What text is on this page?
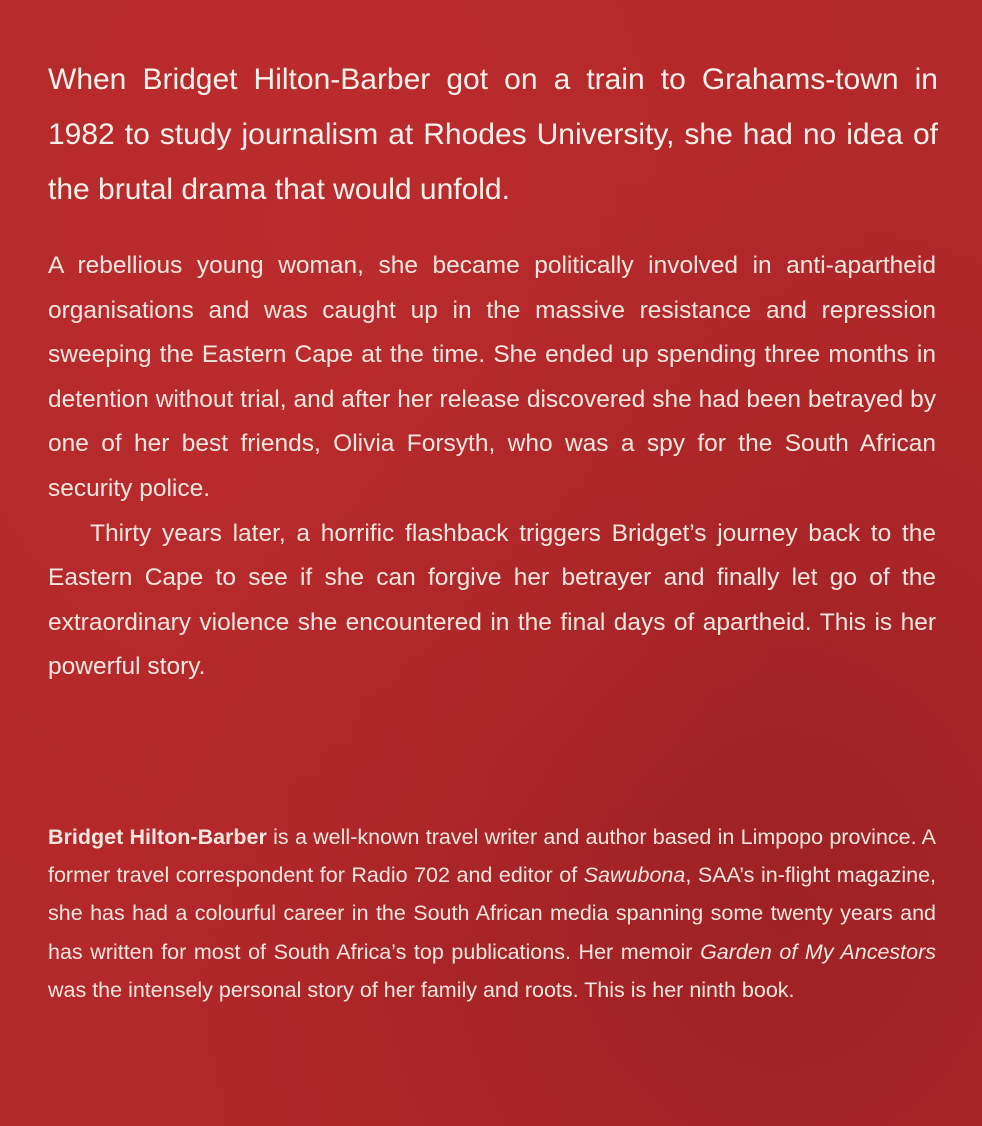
When Bridget Hilton-Barber got on a train to Grahams-town in 1982 to study journalism at Rhodes University, she had no idea of the brutal drama that would unfold.

A rebellious young woman, she became politically involved in anti-apartheid organisations and was caught up in the massive resistance and repression sweeping the Eastern Cape at the time. She ended up spending three months in detention without trial, and after her release discovered she had been betrayed by one of her best friends, Olivia Forsyth, who was a spy for the South African security police.

Thirty years later, a horrific flashback triggers Bridget’s journey back to the Eastern Cape to see if she can forgive her betrayer and finally let go of the extraordinary violence she encountered in the final days of apartheid. This is her powerful story.

Bridget Hilton-Barber is a well-known travel writer and author based in Limpopo province. A former travel correspondent for Radio 702 and editor of Sawubona, SAA’s in-flight magazine, she has had a colourful career in the South African media spanning some twenty years and has written for most of South Africa’s top publications. Her memoir Garden of My Ancestors was the intensely personal story of her family and roots. This is her ninth book.
